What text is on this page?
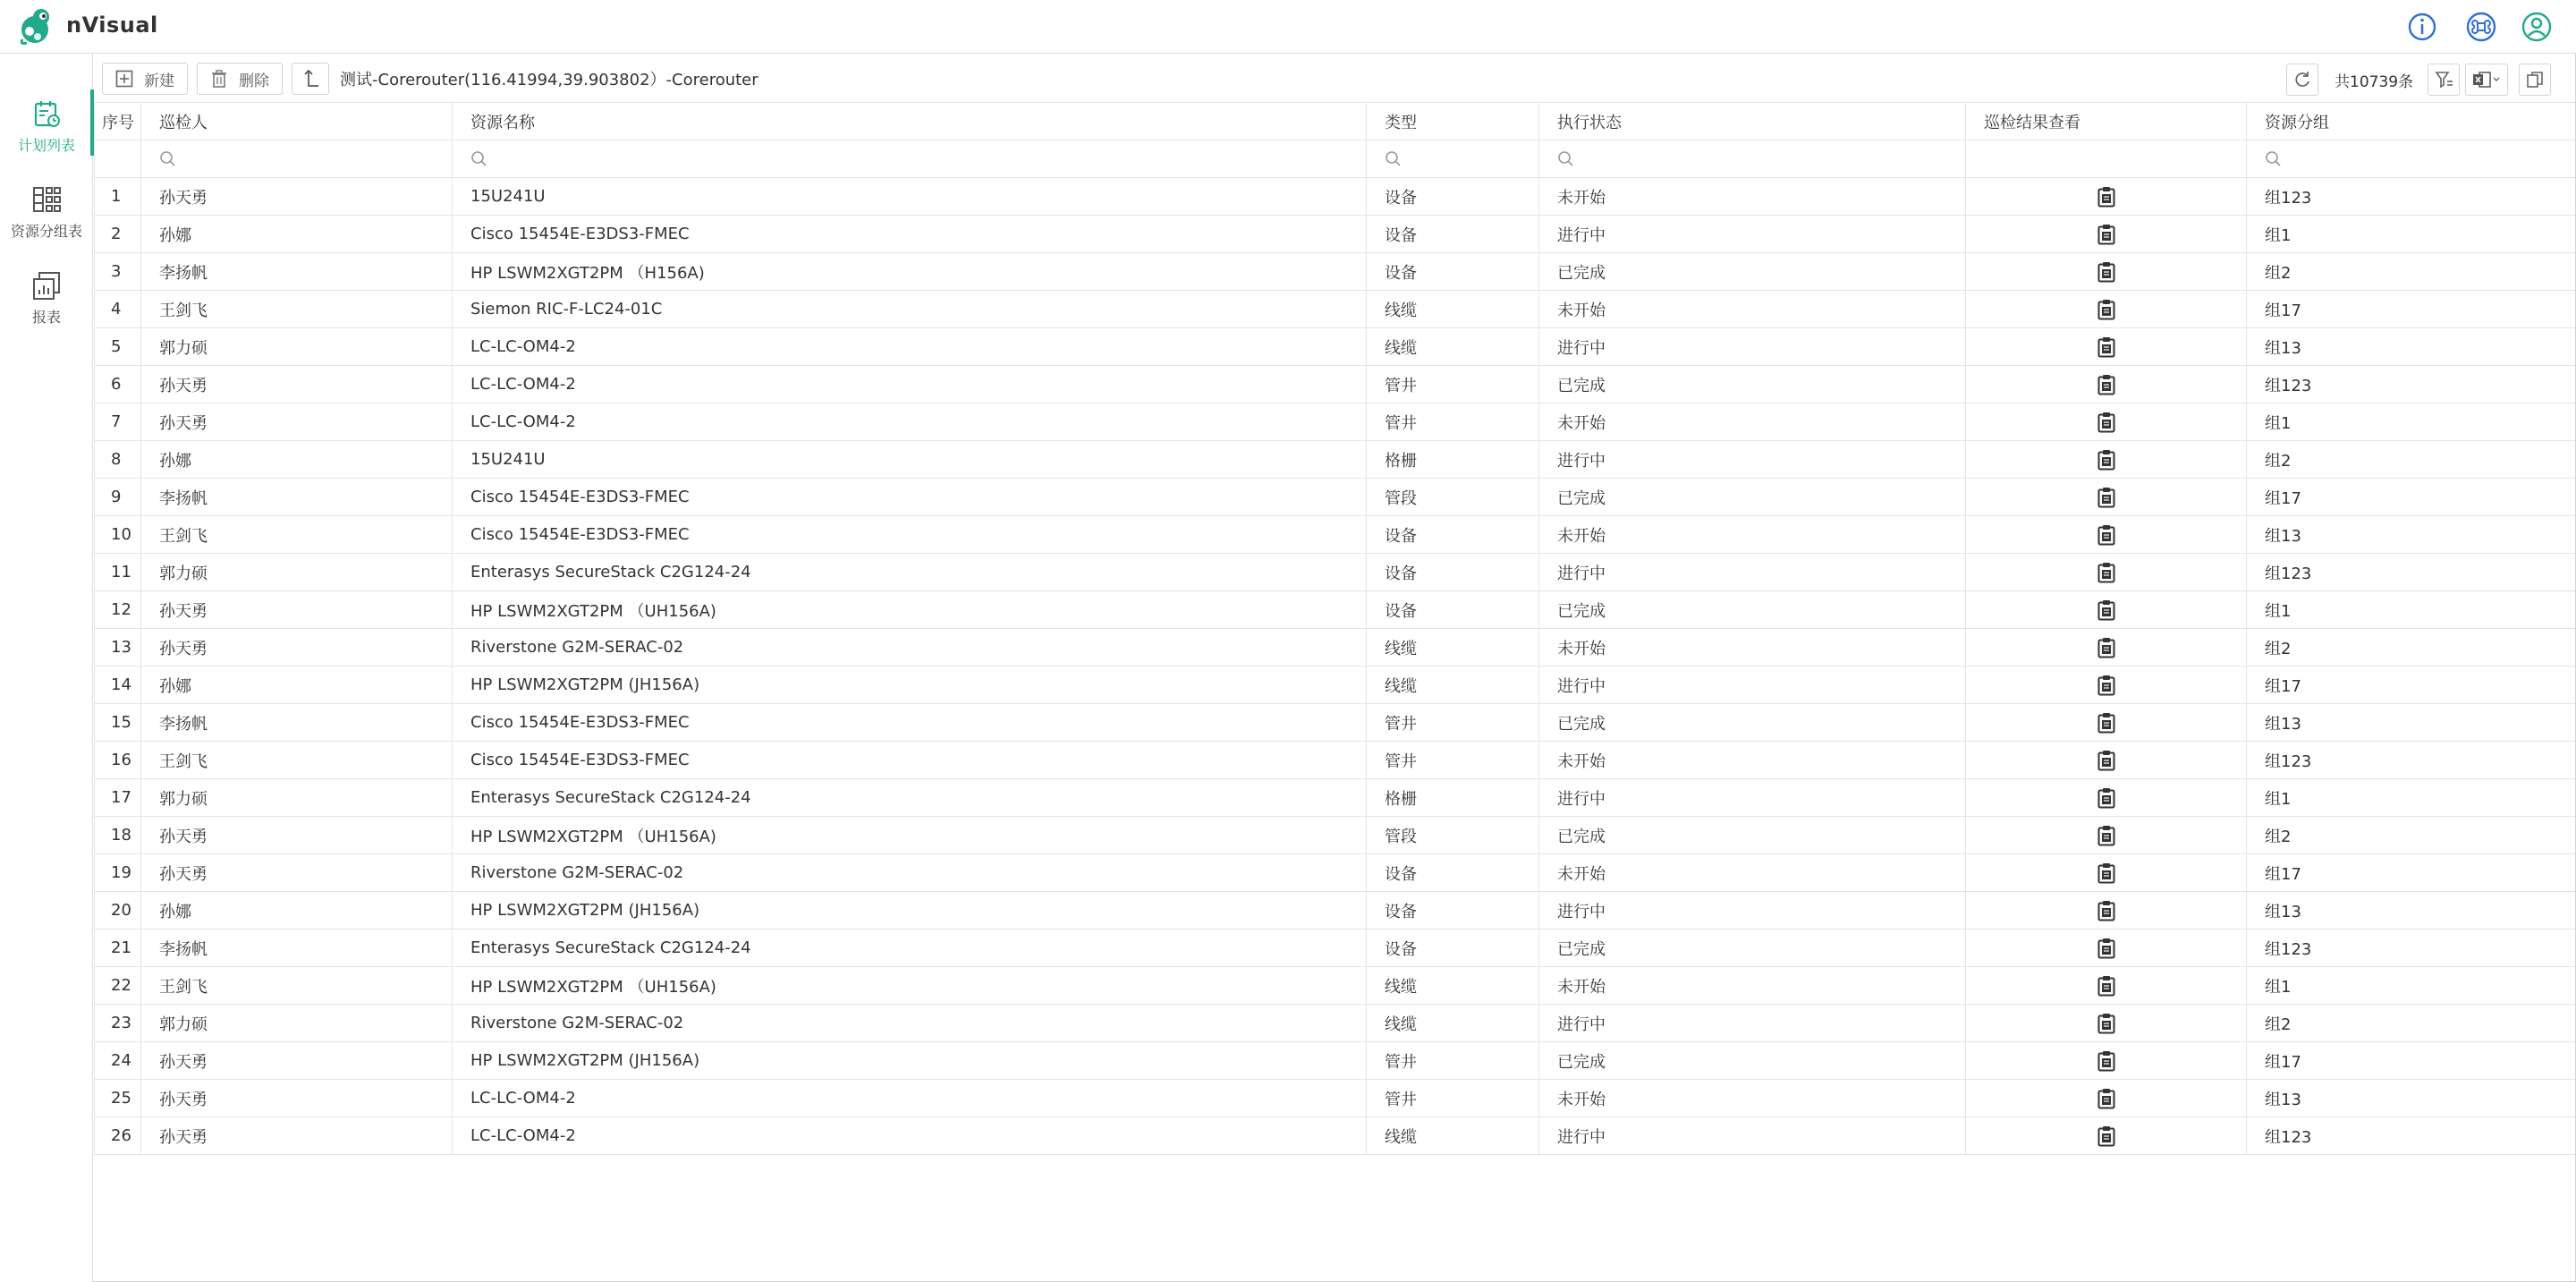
nVisual
计划列表
资源分组表
报表
新建	删除	测试-Corerouter(116.41994,39.903802）-Corerouter	共10739条
序号	巡检人	资源名称	类型	执行状态	巡检结果查看	资源分组

1	孙天勇	15U241U	设备	未开始		组123
2	孙娜	Cisco 15454E-E3DS3-FMEC	设备	进行中		组1
3	李扬帆	HP LSWM2XGT2PM （H156A)	设备	已完成		组2
4	王剑飞	Siemon RIC-F-LC24-01C	线缆	未开始		组17
5	郭力硕	LC-LC-OM4-2	线缆	进行中		组13
6	孙天勇	LC-LC-OM4-2	管井	已完成		组123
7	孙天勇	LC-LC-OM4-2	管井	未开始		组1
8	孙娜	15U241U	格栅	进行中		组2
9	李扬帆	Cisco 15454E-E3DS3-FMEC	管段	已完成		组17
10	王剑飞	Cisco 15454E-E3DS3-FMEC	设备	未开始		组13
11	郭力硕	Enterasys SecureStack C2G124-24	设备	进行中		组123
12	孙天勇	HP LSWM2XGT2PM （UH156A)	设备	已完成		组1
13	孙天勇	Riverstone G2M-SERAC-02	线缆	未开始		组2
14	孙娜	HP LSWM2XGT2PM (JH156A)	线缆	进行中		组17
15	李扬帆	Cisco 15454E-E3DS3-FMEC	管井	已完成		组13
16	王剑飞	Cisco 15454E-E3DS3-FMEC	管井	未开始		组123
17	郭力硕	Enterasys SecureStack C2G124-24	格栅	进行中		组1
18	孙天勇	HP LSWM2XGT2PM （UH156A)	管段	已完成		组2
19	孙天勇	Riverstone G2M-SERAC-02	设备	未开始		组17
20	孙娜	HP LSWM2XGT2PM (JH156A)	设备	进行中		组13
21	李扬帆	Enterasys SecureStack C2G124-24	设备	已完成		组123
22	王剑飞	HP LSWM2XGT2PM （UH156A)	线缆	未开始		组1
23	郭力硕	Riverstone G2M-SERAC-02	线缆	进行中		组2
24	孙天勇	HP LSWM2XGT2PM (JH156A)	管井	已完成		组17
25	孙天勇	LC-LC-OM4-2	管井	未开始		组13
26	孙天勇	LC-LC-OM4-2	线缆	进行中		组123
